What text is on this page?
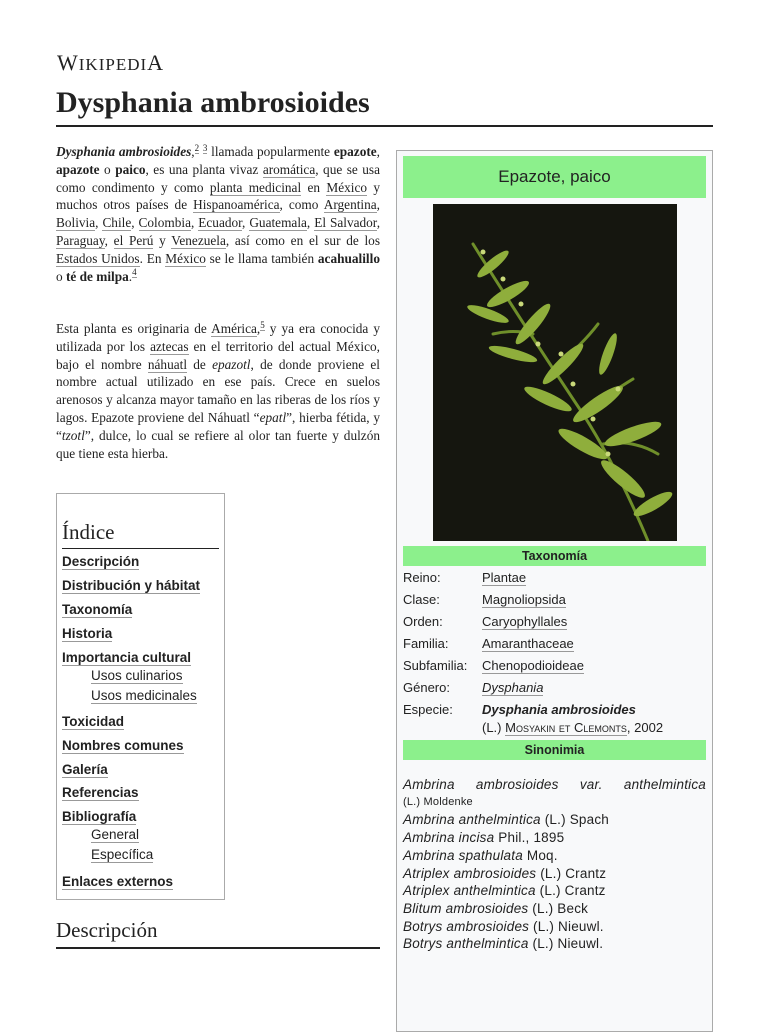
WIKIPEDIA
Dysphania ambrosioides

Dysphania ambrosioides,$^2$ $^3$ llamada popularmente epazote, apazote o paico, es una planta vivaz aromática, que se usa como condimento y como planta medicinal en México y muchos otros países de Hispanoamérica, como Argentina, Bolivia, Chile, Colombia, Ecuador, Guatemala, El Salvador, Paraguay, el Perú y Venezuela, así como en el sur de los Estados Unidos. En México se le llama también acahualillo o té de milpa.$^4$

Esta planta es originaria de América,$^5$ y ya era conocida y utilizada por los aztecas en el territorio del actual México, bajo el nombre náhuatl de epazotl, de donde proviene el nombre actual utilizado en ese país. Crece en suelos arenosos y alcanza mayor tamaño en las riberas de los ríos y lagos. Epazote proviene del Náhuatl “epatl”, hierba fétida, y “tzotl”, dulce, lo cual se refiere al olor tan fuerte y dulzón que tiene esta hierba.

Índice
Descripción
Distribución y hábitat
Taxonomía
Historia
Importancia cultural
Usos culinarios
Usos medicinales
Toxicidad
Nombres comunes
Galería
Referencias
Bibliografía
General
Específica
Enlaces externos
Descripción
Epazote, paico
Taxonomía
Reino:	Plantae
Clase:	Magnoliopsida
Orden:	Caryophyllales
Familia:	Amaranthaceae
Subfamilia: Chenopodioideae
Género: Dysphania
Especie: Dysphania ambrosioides
(L.) Mosyakin et Clemonts, 2002
Sinonimia
Ambrina ambrosioides var. anthelmintica
(L.) Moldenke
Ambrina anthelmintica (L.) Spach
Ambrina incisa Phil., 1895
Ambrina spathulata Moq.
Atriplex ambrosioides (L.) Crantz
Atriplex anthelmintica (L.) Crantz
Blitum ambrosioides (L.) Beck
Botrys ambrosioides (L.) Nieuwl.
Botrys anthelmintica (L.) Nieuwl.
